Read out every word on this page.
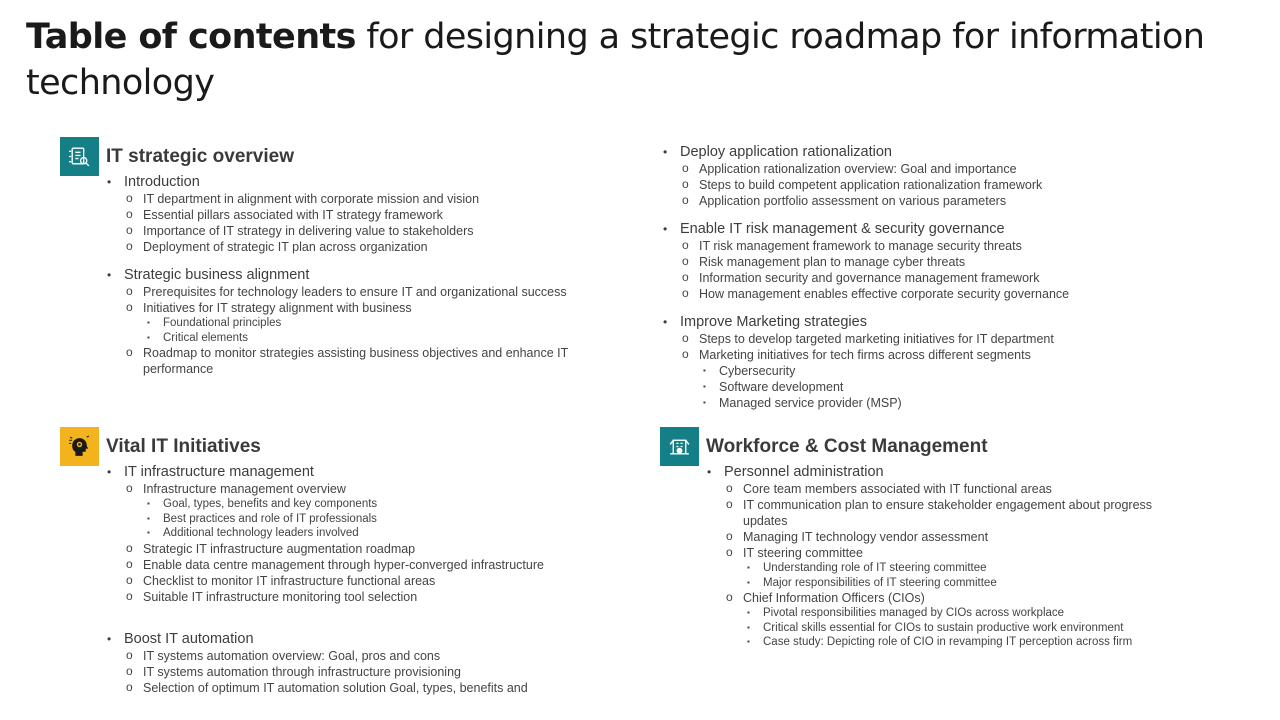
Table of contents for designing a strategic roadmap for information technology
IT strategic overview
• Introduction
o IT department in alignment with corporate mission and vision
o Essential pillars associated with IT strategy framework
o Importance of IT strategy in delivering value to stakeholders
o Deployment of strategic IT plan across organization
• Strategic business alignment
o Prerequisites for technology leaders to ensure IT and organizational success
o Initiatives for IT strategy alignment with business
▪ Foundational principles
▪ Critical elements
o Roadmap to monitor strategies assisting business objectives and enhance IT performance
• Deploy application rationalization
o Application rationalization overview: Goal and importance
o Steps to build competent application rationalization framework
o Application portfolio assessment on various parameters
• Enable IT risk management & security governance
o IT risk management framework to manage security threats
o Risk management plan to manage cyber threats
o Information security and governance management framework
o How management enables effective corporate security governance
• Improve Marketing strategies
o Steps to develop targeted marketing initiatives for IT department
o Marketing initiatives for tech firms across different segments
▪ Cybersecurity
▪ Software development
▪ Managed service provider (MSP)
Vital IT Initiatives
• IT infrastructure management
o Infrastructure management overview
▪ Goal, types, benefits and key components
▪ Best practices and role of IT professionals
▪ Additional technology leaders involved
o Strategic IT infrastructure augmentation roadmap
o Enable data centre management through hyper-converged infrastructure
o Checklist to monitor IT infrastructure functional areas
o Suitable IT infrastructure monitoring tool selection
• Boost IT automation
o IT systems automation overview: Goal, pros and cons
o IT systems automation through infrastructure provisioning
o Selection of optimum IT automation solution Goal, types, benefits and
Workforce & Cost Management
• Personnel administration
o Core team members associated with IT functional areas
o IT communication plan to ensure stakeholder engagement about progress updates
o Managing IT technology vendor assessment
o IT steering committee
▪ Understanding role of IT steering committee
▪ Major responsibilities of IT steering committee
o Chief Information Officers (CIOs)
▪ Pivotal responsibilities managed by CIOs across workplace
▪ Critical skills essential for CIOs to sustain productive work environment
▪ Case study: Depicting role of CIO in revamping IT perception across firm
